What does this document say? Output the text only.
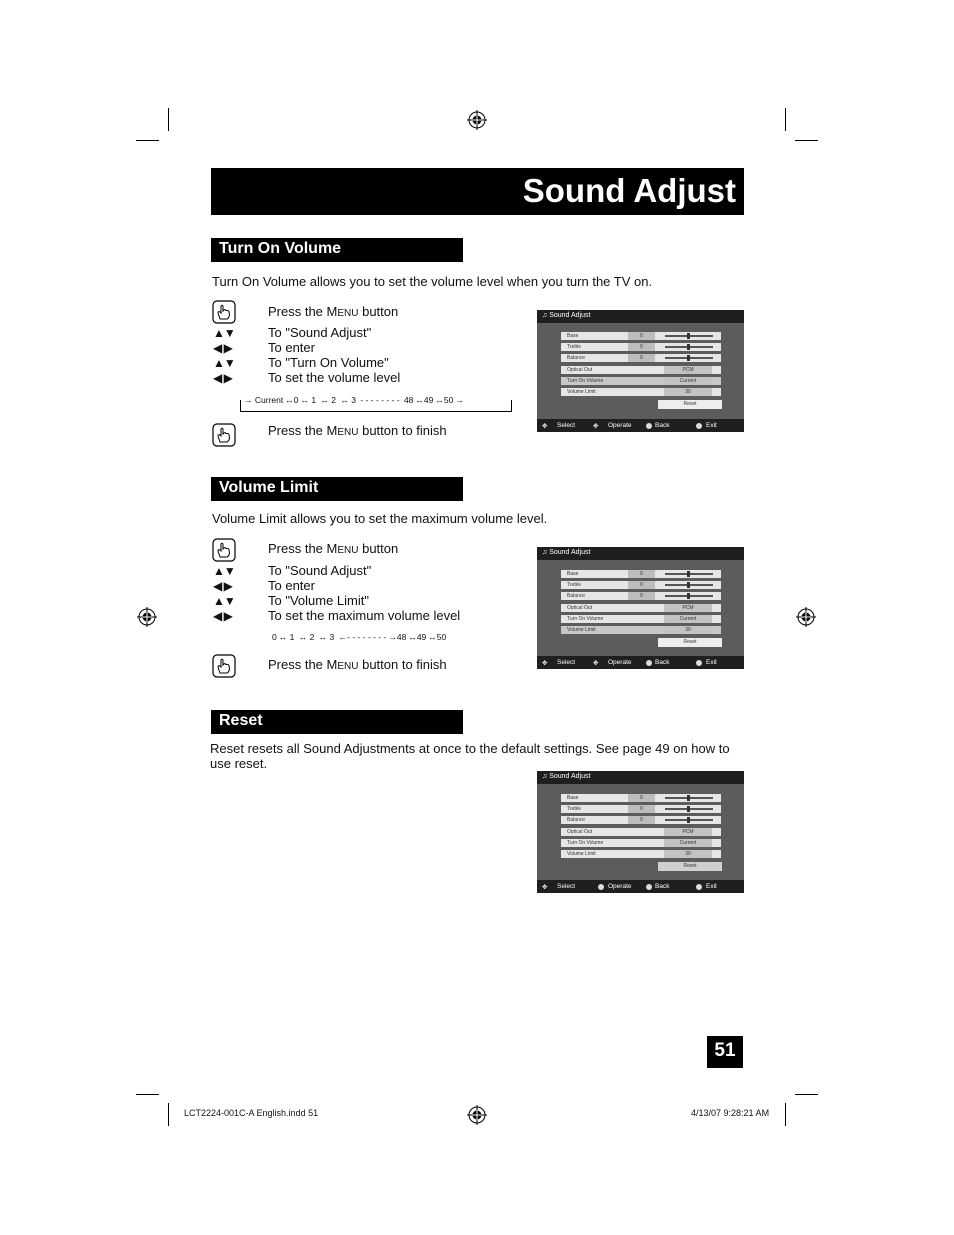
Sound Adjust
Turn On Volume
Turn On Volume allows you to set the volume level when you turn the TV on.
Press the MENU button
▲▼	To "Sound Adjust"
◀ ▶	To enter
▲▼	To "Turn On Volume"
◀ ▶	To set the volume level
→ Current ↔0 ↔ 1 ↔ 2 ↔ 3 - - - - - - - - 48 ↔49 ↔50 →
Press the MENU button to finish
♫ Sound Adjust
Base	0
Treble	0
Balance	0
Optical Out	PCM
Turn On Volume	Current
Volume Limit	30
Reset
✥ Select	✥ Operate	Back	Exit
Volume Limit
Volume Limit allows you to set the maximum volume level.
Press the MENU button
▲▼	To "Sound Adjust"
◀ ▶	To enter
▲▼	To "Volume Limit"
◀ ▶	To set the maximum volume level
0 ↔ 1 ↔ 2 ↔ 3 ←- - - - - - - - →48 ↔49 ↔50
Press the MENU button to finish
♫ Sound Adjust
Base	0
Treble	0
Balance	0
Optical Out	PCM
Turn On Volume	Current
Volume Limit	30
Reset
✥ Select	✥ Operate	Back	Exit
Reset
Reset resets all Sound Adjustments at once to the default settings. See page 49 on how to use reset.
♫ Sound Adjust
Base	0
Treble	0
Balance	0
Optical Out	PCM
Turn On Volume	Current
Volume Limit	30
Reset
✥ Select	Operate	Back	Exit
51
LCT2224-001C-A English.indd 51	4/13/07 9:28:21 AM
